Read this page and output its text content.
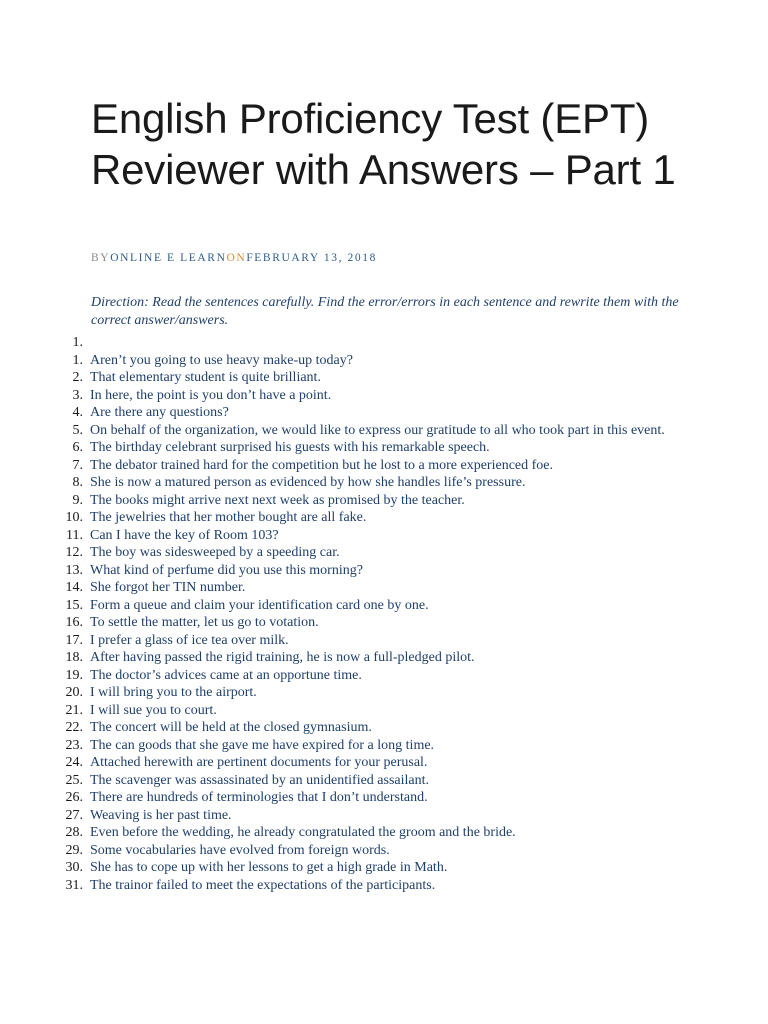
English Proficiency Test (EPT) Reviewer with Answers – Part 1
BYONLINE E LEARNONFEBRUARY 13, 2018

Direction: Read the sentences carefully. Find the error/errors in each sentence and rewrite them with the correct answer/answers.

1.
1. Aren’t you going to use heavy make-up today?
2. That elementary student is quite brilliant.
3. In here, the point is you don’t have a point.
4. Are there any questions?
5. On behalf of the organization, we would like to express our gratitude to all who took part in this event.
6. The birthday celebrant surprised his guests with his remarkable speech.
7. The debator trained hard for the competition but he lost to a more experienced foe.
8. She is now a matured person as evidenced by how she handles life’s pressure.
9. The books might arrive next next week as promised by the teacher.
10. The jewelries that her mother bought are all fake.
11. Can I have the key of Room 103?
12. The boy was sidesweeped by a speeding car.
13. What kind of perfume did you use this morning?
14. She forgot her TIN number.
15. Form a queue and claim your identification card one by one.
16. To settle the matter, let us go to votation.
17. I prefer a glass of ice tea over milk.
18. After having passed the rigid training, he is now a full-pledged pilot.
19. The doctor’s advices came at an opportune time.
20. I will bring you to the airport.
21. I will sue you to court.
22. The concert will be held at the closed gymnasium.
23. The can goods that she gave me have expired for a long time.
24. Attached herewith are pertinent documents for your perusal.
25. The scavenger was assassinated by an unidentified assailant.
26. There are hundreds of terminologies that I don’t understand.
27. Weaving is her past time.
28. Even before the wedding, he already congratulated the groom and the bride.
29. Some vocabularies have evolved from foreign words.
30. She has to cope up with her lessons to get a high grade in Math.
31. The trainor failed to meet the expectations of the participants.
